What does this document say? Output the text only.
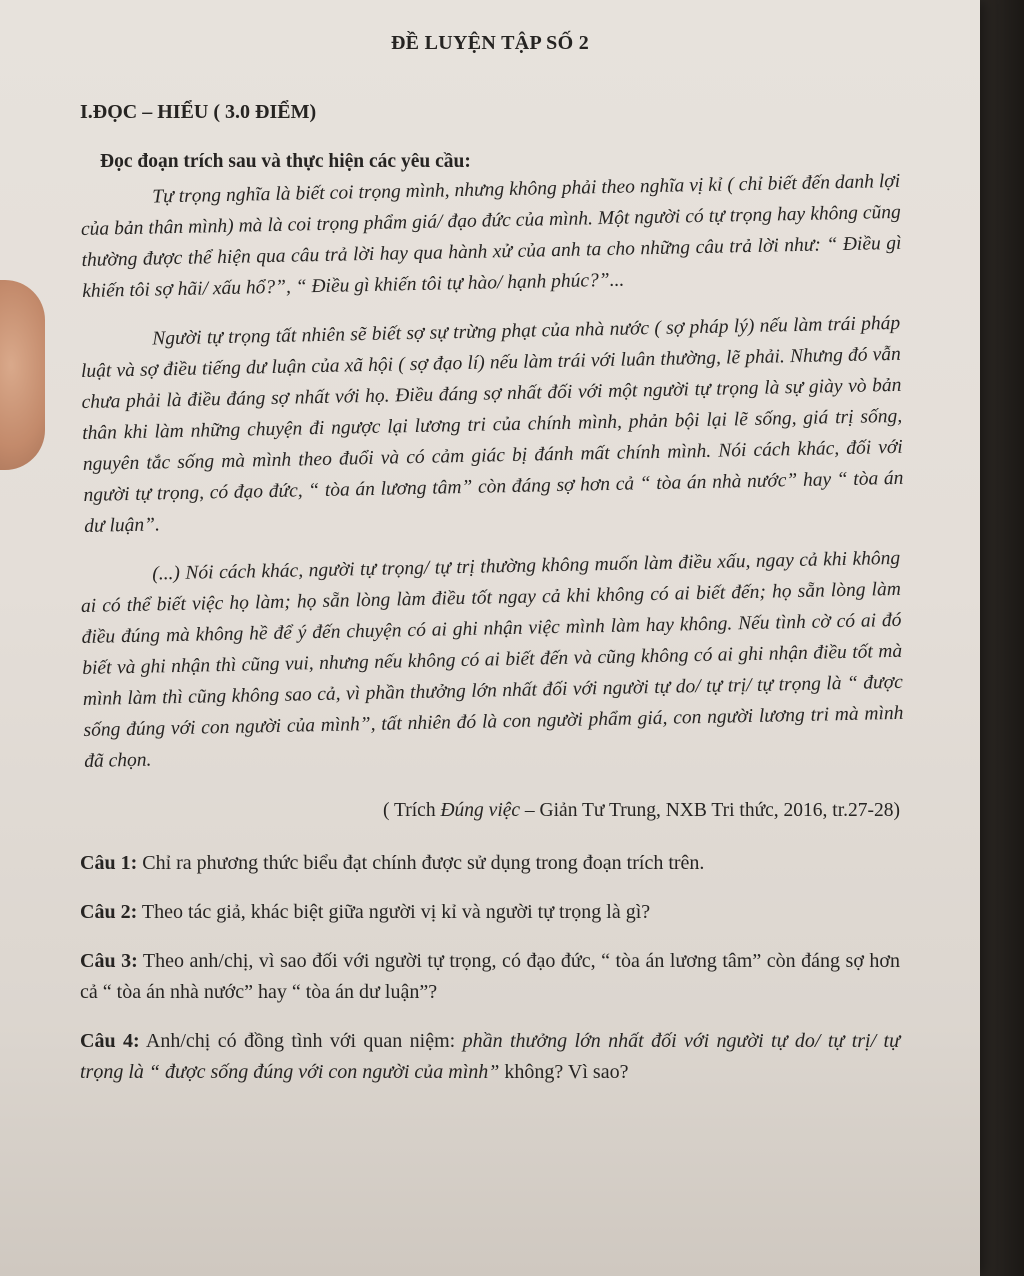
ĐỀ LUYỆN TẬP SỐ 2
I.ĐỌC – HIỂU ( 3.0 ĐIỂM)
Đọc đoạn trích sau và thực hiện các yêu cầu:

Tự trọng nghĩa là biết coi trọng mình, nhưng không phải theo nghĩa vị kỉ ( chỉ biết đến danh lợi của bản thân mình) mà là coi trọng phẩm giá/ đạo đức của mình. Một người có tự trọng hay không cũng thường được thể hiện qua câu trả lời hay qua hành xử của anh ta cho những câu trả lời như: “ Điều gì khiến tôi sợ hãi/ xấu hổ?”, “ Điều gì khiến tôi tự hào/ hạnh phúc?”...

Người tự trọng tất nhiên sẽ biết sợ sự trừng phạt của nhà nước ( sợ pháp lý) nếu làm trái pháp luật và sợ điều tiếng dư luận của xã hội ( sợ đạo lí) nếu làm trái với luân thường, lẽ phải. Nhưng đó vẫn chưa phải là điều đáng sợ nhất với họ. Điều đáng sợ nhất đối với một người tự trọng là sự giày vò bản thân khi làm những chuyện đi ngược lại lương tri của chính mình, phản bội lại lẽ sống, giá trị sống, nguyên tắc sống mà mình theo đuổi và có cảm giác bị đánh mất chính mình. Nói cách khác, đối với người tự trọng, có đạo đức, “ tòa án lương tâm” còn đáng sợ hơn cả “ tòa án nhà nước” hay “ tòa án dư luận”.

(...) Nói cách khác, người tự trọng/ tự trị thường không muốn làm điều xấu, ngay cả khi không ai có thể biết việc họ làm; họ sẵn lòng làm điều tốt ngay cả khi không có ai biết đến; họ sẵn lòng làm điều đúng mà không hề để ý đến chuyện có ai ghi nhận việc mình làm hay không. Nếu tình cờ có ai đó biết và ghi nhận thì cũng vui, nhưng nếu không có ai biết đến và cũng không có ai ghi nhận điều tốt mà mình làm thì cũng không sao cả, vì phần thưởng lớn nhất đối với người tự do/ tự trị/ tự trọng là “ được sống đúng với con người của mình”, tất nhiên đó là con người phẩm giá, con người lương tri mà mình đã chọn.

( Trích Đúng việc – Giản Tư Trung, NXB Tri thức, 2016, tr.27-28)
Câu 1: Chỉ ra phương thức biểu đạt chính được sử dụng trong đoạn trích trên.
Câu 2: Theo tác giả, khác biệt giữa người vị kỉ và người tự trọng là gì?
Câu 3: Theo anh/chị, vì sao đối với người tự trọng, có đạo đức, “ tòa án lương tâm” còn đáng sợ hơn cả “ tòa án nhà nước” hay “ tòa án dư luận”?
Câu 4: Anh/chị có đồng tình với quan niệm: phần thưởng lớn nhất đối với người tự do/ tự trị/ tự trọng là “ được sống đúng với con người của mình” không? Vì sao?
